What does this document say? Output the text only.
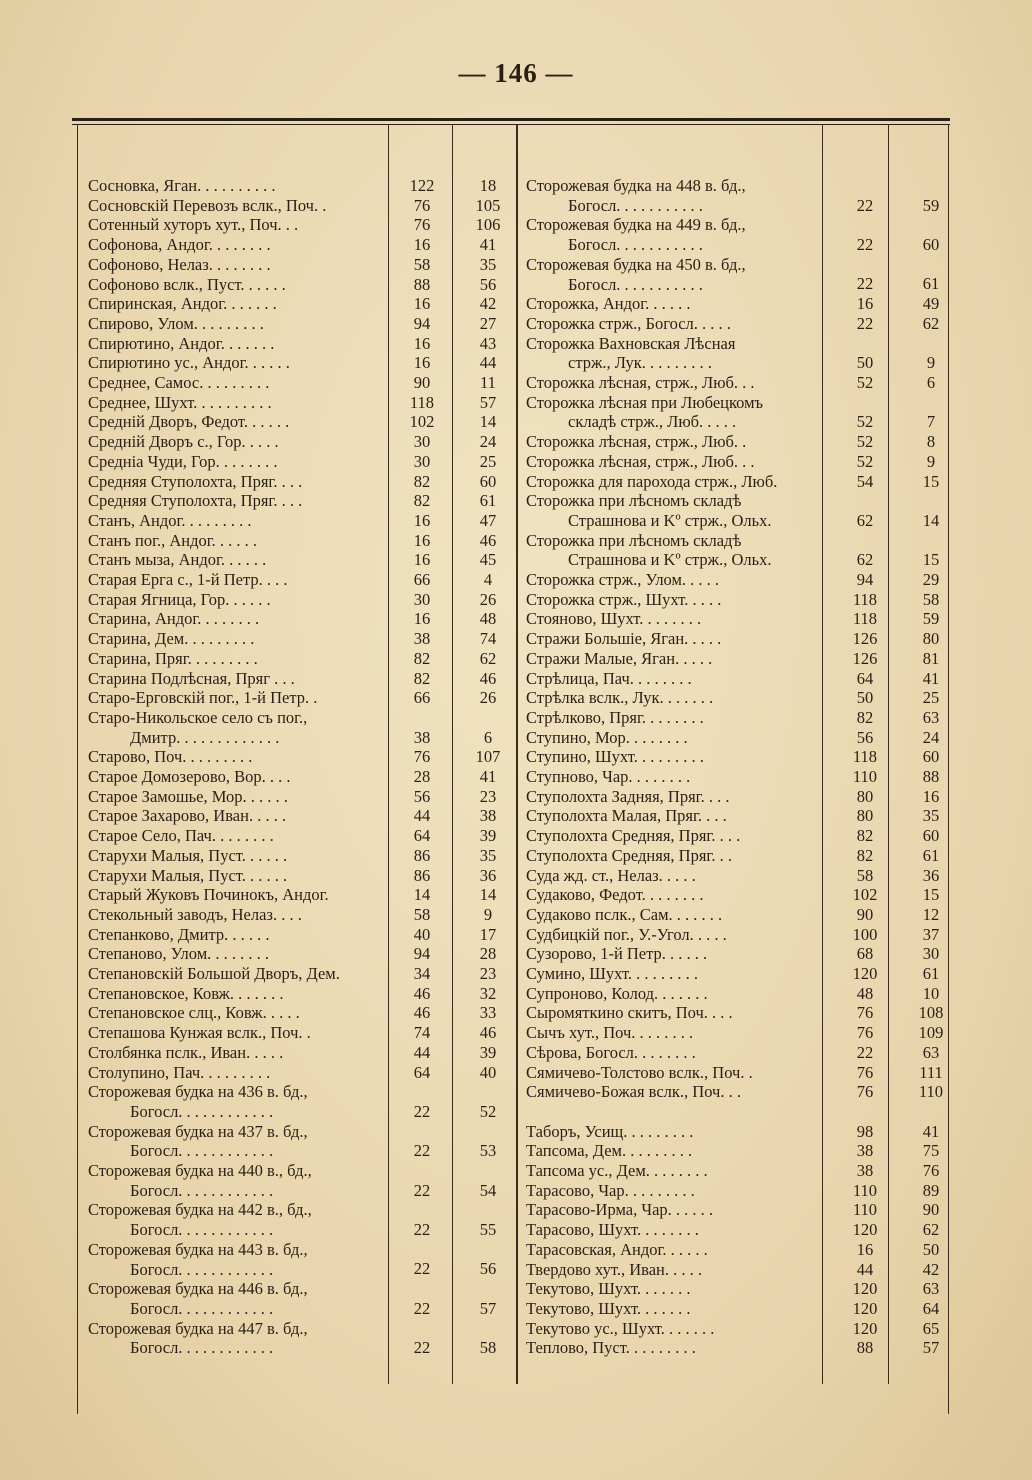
— 146 —
Сосновка, Яган. . . . . . . . . .	122	18
Сосновскій Перевозъ вслк., Поч. .	76	105
Сотенный хуторъ хут., Поч. . .	76	106
Софонова, Андог. . . . . . . .	16	41
Софоново, Нелаз. . . . . . . .	58	35
Софоново вслк., Пуст. . . . . .	88	56
Спиринская, Андог. . . . . . .	16	42
Спирово, Улом. . . . . . . . .	94	27
Спирютино, Андог. . . . . . .	16	43
Спирютино ус., Андог. . . . . .	16	44
Среднее, Самос. . . . . . . . .	90	11
Среднее, Шухт. . . . . . . . . .	118	57
Средній Дворъ, Федот. . . . . .	102	14
Средній Дворъ с., Гор. . . . .	30	24
Средніа Чуди, Гор. . . . . . . .	30	25
Средняя Ступолохта, Пряг. . . .	82	60
Средняя Ступолохта, Пряг. . . .	82	61
Станъ, Андог. . . . . . . . .	16	47
Станъ пог., Андог. . . . . .	16	46
Станъ мыза, Андог. . . . . .	16	45
Старая Ерга с., 1-й Петр. . . .	66	4
Старая Ягница, Гор. . . . . .	30	26
Старина, Андог. . . . . . . .	16	48
Старина, Дем. . . . . . . . .	38	74
Старина, Пряг. . . . . . . . .	82	62
Старина Подлѣсная, Пряг . . .	82	46
Старо-Ерговскій пог., 1-й Петр. .	66	26
Старо-Никольское село съ пог.,
Дмитр. . . . . . . . . . . . .	38	6
Старово, Поч. . . . . . . . .	76	107
Старое Домозерово, Вор. . . .	28	41
Старое Замошье, Мор. . . . . .	56	23
Старое Захарово, Иван. . . . .	44	38
Старое Село, Пач. . . . . . . .	64	39
Старухи Малыя, Пуст. . . . . .	86	35
Старухи Малыя, Пуст. . . . . .	86	36
Старый Жуковъ Починокъ, Андог.	14	14
Стекольный заводъ, Нелаз. . . .	58	9
Степанково, Дмитр. . . . . .	40	17
Степаново, Улом. . . . . . . .	94	28
Степановскій Большой Дворъ, Дем.	34	23
Степановское, Ковж. . . . . . .	46	32
Степановское слц., Ковж. . . . .	46	33
Степашова Кунжая вслк., Поч. .	74	46
Столбянка пслк., Иван. . . . .	44	39
Столупино, Пач. . . . . . . . .	64	40
Сторожевая будка на 436 в. бд.,
Богосл. . . . . . . . . . . .	22	52
Сторожевая будка на 437 в. бд.,
Богосл. . . . . . . . . . . .	22	53
Сторожевая будка на 440 в., бд.,
Богосл. . . . . . . . . . . .	22	54
Сторожевая будка на 442 в., бд.,
Богосл. . . . . . . . . . . .	22	55
Сторожевая будка на 443 в. бд.,
Богосл. . . . . . . . . . . .	22	56
Сторожевая будка на 446 в. бд.,
Богосл. . . . . . . . . . . .	22	57
Сторожевая будка на 447 в. бд.,
Богосл. . . . . . . . . . . .	22	58
Сторожевая будка на 448 в. бд.,
Богосл. . . . . . . . . . .	22	59
Сторожевая будка на 449 в. бд.,
Богосл. . . . . . . . . . .	22	60
Сторожевая будка на 450 в. бд.,
Богосл. . . . . . . . . . .	22	61
Сторожка, Андог. . . . . .	16	49
Сторожка стрж., Богосл. . . . .	22	62
Сторожка Вахновская Лѣсная
стрж., Лук. . . . . . . . .	50	9
Сторожка лѣсная, стрж., Люб. . .	52	6
Сторожка лѣсная при Любецкомъ
складѣ стрж., Люб. . . . .	52	7
Сторожка лѣсная, стрж., Люб. .	52	8
Сторожка лѣсная, стрж., Люб. . .	52	9
Сторожка для парохода стрж., Люб.	54	15
Сторожка при лѣсномъ складѣ
Страшнова и Kº стрж., Ольх.	62	14
Сторожка при лѣсномъ складѣ
Страшнова и Kº стрж., Ольх.	62	15
Сторожка стрж., Улом. . . . .	94	29
Сторожка стрж., Шухт. . . . .	118	58
Стояново, Шухт. . . . . . . .	118	59
Стражи Большіе, Яган. . . . .	126	80
Стражи Малые, Яган. . . . .	126	81
Стрѣлица, Пач. . . . . . . .	64	41
Стрѣлка вслк., Лук. . . . . . .	50	25
Стрѣлково, Пряг. . . . . . . .	82	63
Ступино, Мор. . . . . . . .	56	24
Ступино, Шухт. . . . . . . . .	118	60
Ступново, Чар. . . . . . . .	110	88
Ступолохта Задняя, Пряг. . . .	80	16
Ступолохта Малая, Пряг. . . .	80	35
Ступолохта Средняя, Пряг. . . .	82	60
Ступолохта Средняя, Пряг. . .	82	61
Суда жд. ст., Нелаз. . . . .	58	36
Судаково, Федот. . . . . . . .	102	15
Судаково пслк., Сам. . . . . . .	90	12
Судбицкій пог., У.-Угол. . . . .	100	37
Сузорово, 1-й Петр. . . . . .	68	30
Сумино, Шухт. . . . . . . . .	120	61
Супроново, Колод. . . . . . .	48	10
Сыромяткино скитъ, Поч. . . .	76	108
Сычъ хут., Поч. . . . . . . .	76	109
Сѣрова, Богосл. . . . . . . .	22	63
Сямичево-Толстово вслк., Поч. .	76	111
Сямичево-Божая вслк., Поч. . .	76	110
Таборъ, Усищ. . . . . . . . .	98	41
Тапсома, Дем. . . . . . . . .	38	75
Тапсома ус., Дем. . . . . . . .	38	76
Тарасово, Чар. . . . . . . . .	110	89
Тарасово-Ирма, Чар. . . . . .	110	90
Тарасово, Шухт. . . . . . . .	120	62
Тарасовская, Андог. . . . . .	16	50
Твердово хут., Иван. . . . .	44	42
Текутово, Шухт. . . . . . .	120	63
Текутово, Шухт. . . . . . .	120	64
Текутово ус., Шухт. . . . . . .	120	65
Теплово, Пуст. . . . . . . . .	88	57
